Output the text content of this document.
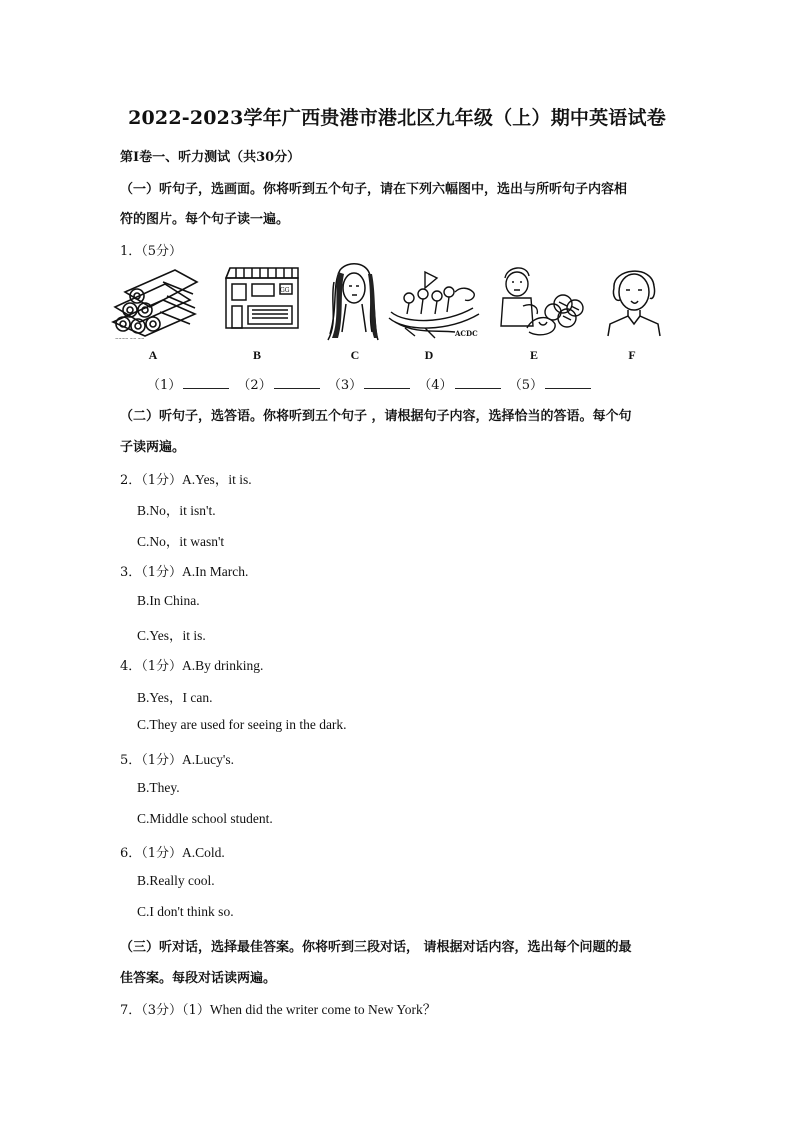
2022-2023学年广西贵港市港北区九年级（上）期中英语试卷
第Ⅰ卷一、听力测试（共30分）
（一）听句子，选画面。你将听到五个句子，请在下列六幅图中，选出与所听句子内容相
符的图片。每个句子读一遍。
1．（5分）
~~~~ ~~ ~~
A
GG
B	C
ACDC
D	E	F
（1）	（2）	（3）	（4）	（5）
（二）听句子，选答语。你将听到五个句子 ，请根据句子内容，选择恰当的答语。每个句
子读两遍。
2．（1分）A.Yes，it is.
B.No，it isn't.
C.No，it wasn't
3．（1分）A.In March.
B.In China.
C.Yes，it is.
4．（1分）A.By drinking.
B.Yes，I can.
C.They are used for seeing in the dark.
5．（1分）A.Lucy's.
B.They.
C.Middle school student.
6．（1分）A.Cold.
B.Really cool.
C.I don't think so.
（三）听对话，选择最佳答案。你将听到三段对话， 请根据对话内容，选出每个问题的最
佳答案。每段对话读两遍。
7．（3分）（1）When did the writer come to New York？
